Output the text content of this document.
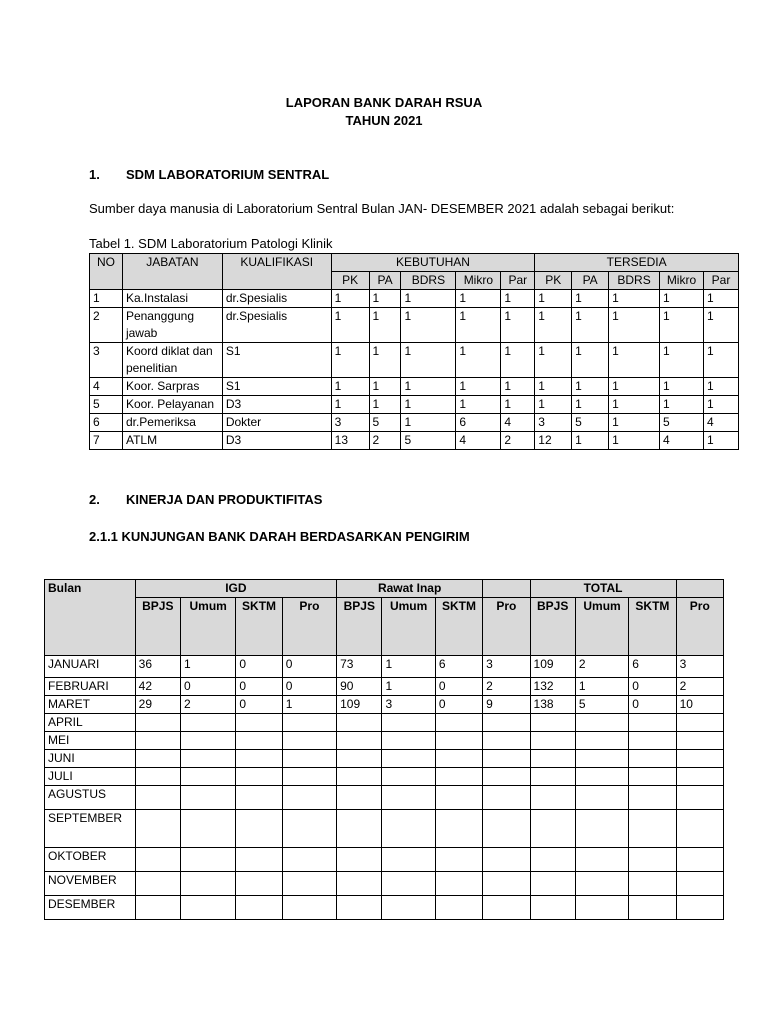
LAPORAN BANK DARAH RSUA
TAHUN 2021
1. SDM LABORATORIUM SENTRAL
Sumber daya manusia di Laboratorium Sentral Bulan JAN- DESEMBER 2021 adalah sebagai berikut:
Tabel 1. SDM Laboratorium Patologi Klinik
NO	JABATAN	KUALIFIKASI	KEBUTUHAN					TERSEDIA				
			PK	PA	BDRS	Mikro	Par	PK	PA	BDRS	Mikro	Par
1	Ka.Instalasi	dr.Spesialis	1	1	1	1	1	1	1	1	1	1
2	Penanggung jawab	dr.Spesialis	1	1	1	1	1	1	1	1	1	1
3	Koord diklat dan penelitian	S1	1	1	1	1	1	1	1	1	1	1
4	Koor. Sarpras	S1	1	1	1	1	1	1	1	1	1	1
5	Koor. Pelayanan	D3	1	1	1	1	1	1	1	1	1	1
6	dr.Pemeriksa	Dokter	3	5	1	6	4	3	5	1	5	4
7	ATLM	D3	13	2	5	4	2	12	1	1	4	1
2. KINERJA DAN PRODUKTIFITAS
2.1.1 KUNJUNGAN BANK DARAH BERDASARKAN PENGIRIM
Bulan	IGD				Rawat Inap				TOTAL			
	BPJS	Umum	SKTM	Pro	BPJS	Umum	SKTM	Pro	BPJS	Umum	SKTM	Pro
JANUARI	36	1	0	0	73	1	6	3	109	2	6	3
FEBRUARI	42	0	0	0	90	1	0	2	132	1	0	2
MARET	29	2	0	1	109	3	0	9	138	5	0	10
APRIL												
MEI												
JUNI												
JULI												
AGUSTUS												
SEPTEMBER												
OKTOBER												
NOVEMBER												
DESEMBER												
